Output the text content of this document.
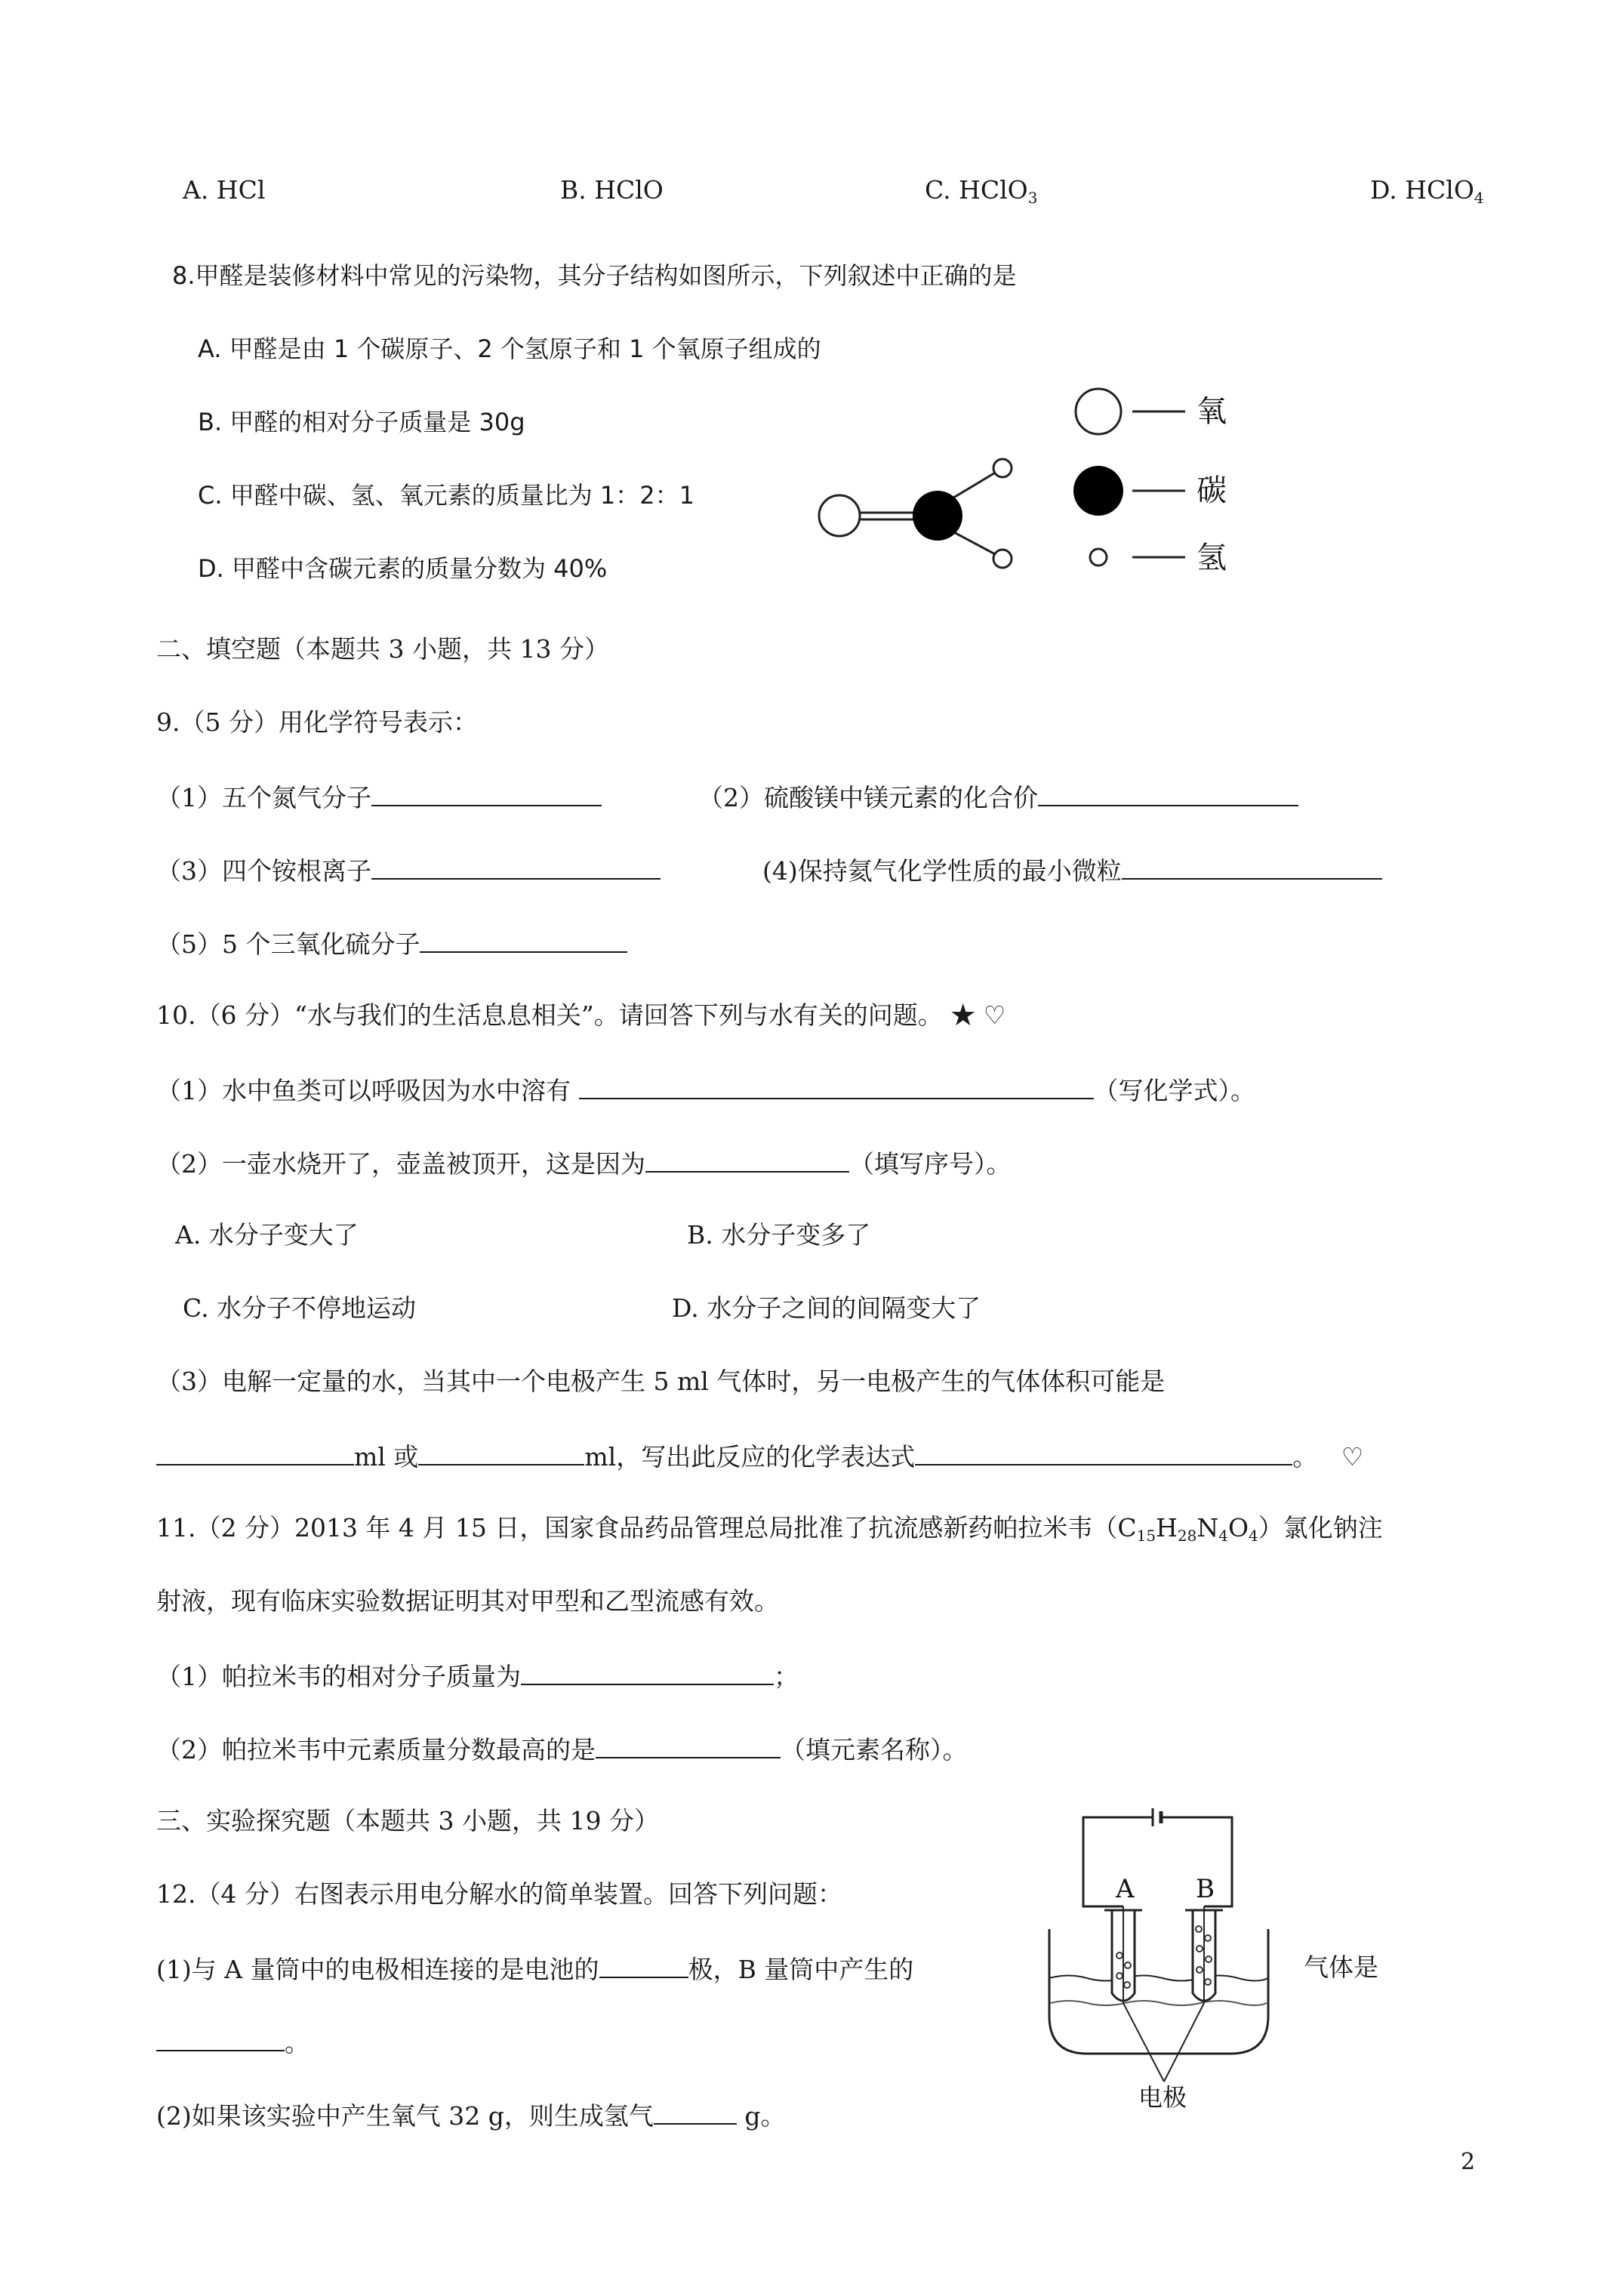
A. HCl	B. HClO	C. HClO$_3$	D. HClO$_4$
8.甲醛是装修材料中常见的污染物，其分子结构如图所示，下列叙述中正确的是
A. 甲醛是由 1 个碳原子、2 个氢原子和 1 个氧原子组成的
B. 甲醛的相对分子质量是 30g
C. 甲醛中碳、氢、氧元素的质量比为 1：2：1
D. 甲醛中含碳元素的质量分数为 40%
氧
碳
氢
二、填空题（本题共 3 小题，共 13 分）
9.（5 分）用化学符号表示：
（1）五个氮气分子	（2）硫酸镁中镁元素的化合价
（3）四个铵根离子	(4)保持氦气化学性质的最小微粒
（5）5 个三氧化硫分子
10.（6 分）“水与我们的生活息息相关”。请回答下列与水有关的问题。 ★ ♡
（1）水中鱼类可以呼吸因为水中溶有	（写化学式）。
（2）一壶水烧开了，壶盖被顶开，这是因为	（填写序号）。
A. 水分子变大了	B. 水分子变多了
C. 水分子不停地运动	D. 水分子之间的间隔变大了
（3）电解一定量的水，当其中一个电极产生 5 ml 气体时，另一电极产生的气体体积可能是
ml 或	ml，写出此反应的化学表达式	。 ♡
11.（2 分）2013 年 4 月 15 日，国家食品药品管理总局批准了抗流感新药帕拉米韦$(C_{15}H_{28}N_4O_4)$氯化钠注
射液，现有临床实验数据证明其对甲型和乙型流感有效。
（1）帕拉米韦的相对分子质量为	；
（2）帕拉米韦中元素质量分数最高的是	（填元素名称）。
三、实验探究题（本题共 3 小题，共 19 分）
12.（4 分）右图表示用电分解水的简单装置。回答下列问题：
(1)与 A 量筒中的电极相连接的是电池的	极，B 量筒中产生的	气体是
。
(2)如果该实验中产生氧气 32 g，则生成氢气	g。
A B
电极
2
